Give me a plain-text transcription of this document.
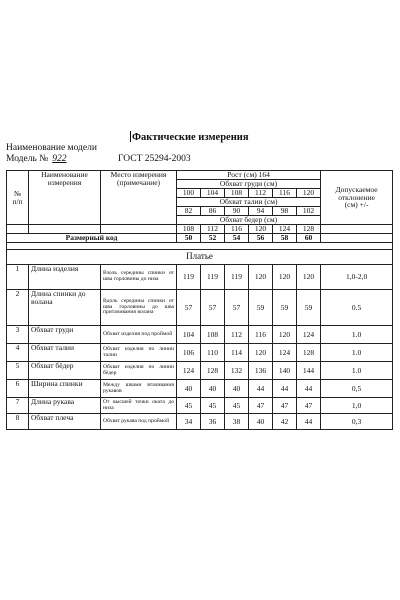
Фактические измерения
Наименование модели
Модель № 922	ГОСТ 25294-2003
№
п/п	Наименование
измерения	Место измерения
(примечание)	Рост (см) 164						Допускаемое
отклонение
(см) +/-
			Обхват груди (см)						
			100	104	108	112	116	120	
			Обхват талии (см)						
			82	86	90	94	98	102	
			Обхват бедер (см)						
			108	112	116	120	124	128	
Размерный код			50	52	54	56	58	60	

Платье									
1	Длина изделия	Взоль середины спинки от шва горловины до низа	119	119	119	120	120	120	1,0-2,0
2	Длина спинки до волана	Вдоль середины спинки от шва горловины до шва притачивания волана	57	57	57	59	59	59	0.5
3	Обхват груди	Обхват изделия под проймой	104	108	112	116	120	124	1.0
4	Обхват талии	Обхват изделия по линии талии	106	110	114	120	124	128	1.0
5	Обхват бёдер	Обхват изделия по линии бёдер	124	128	132	136	140	144	1.0
6	Ширина спинки	Между швами втачивания рукавов	40	40	40	44	44	44	0,5
7	Длина рукава	От высшей точки оката до низа	45	45	45	47	47	47	1,0
8	Обхват плеча	Обхват рукава под проймой	34	36	38	40	42	44	0,3
